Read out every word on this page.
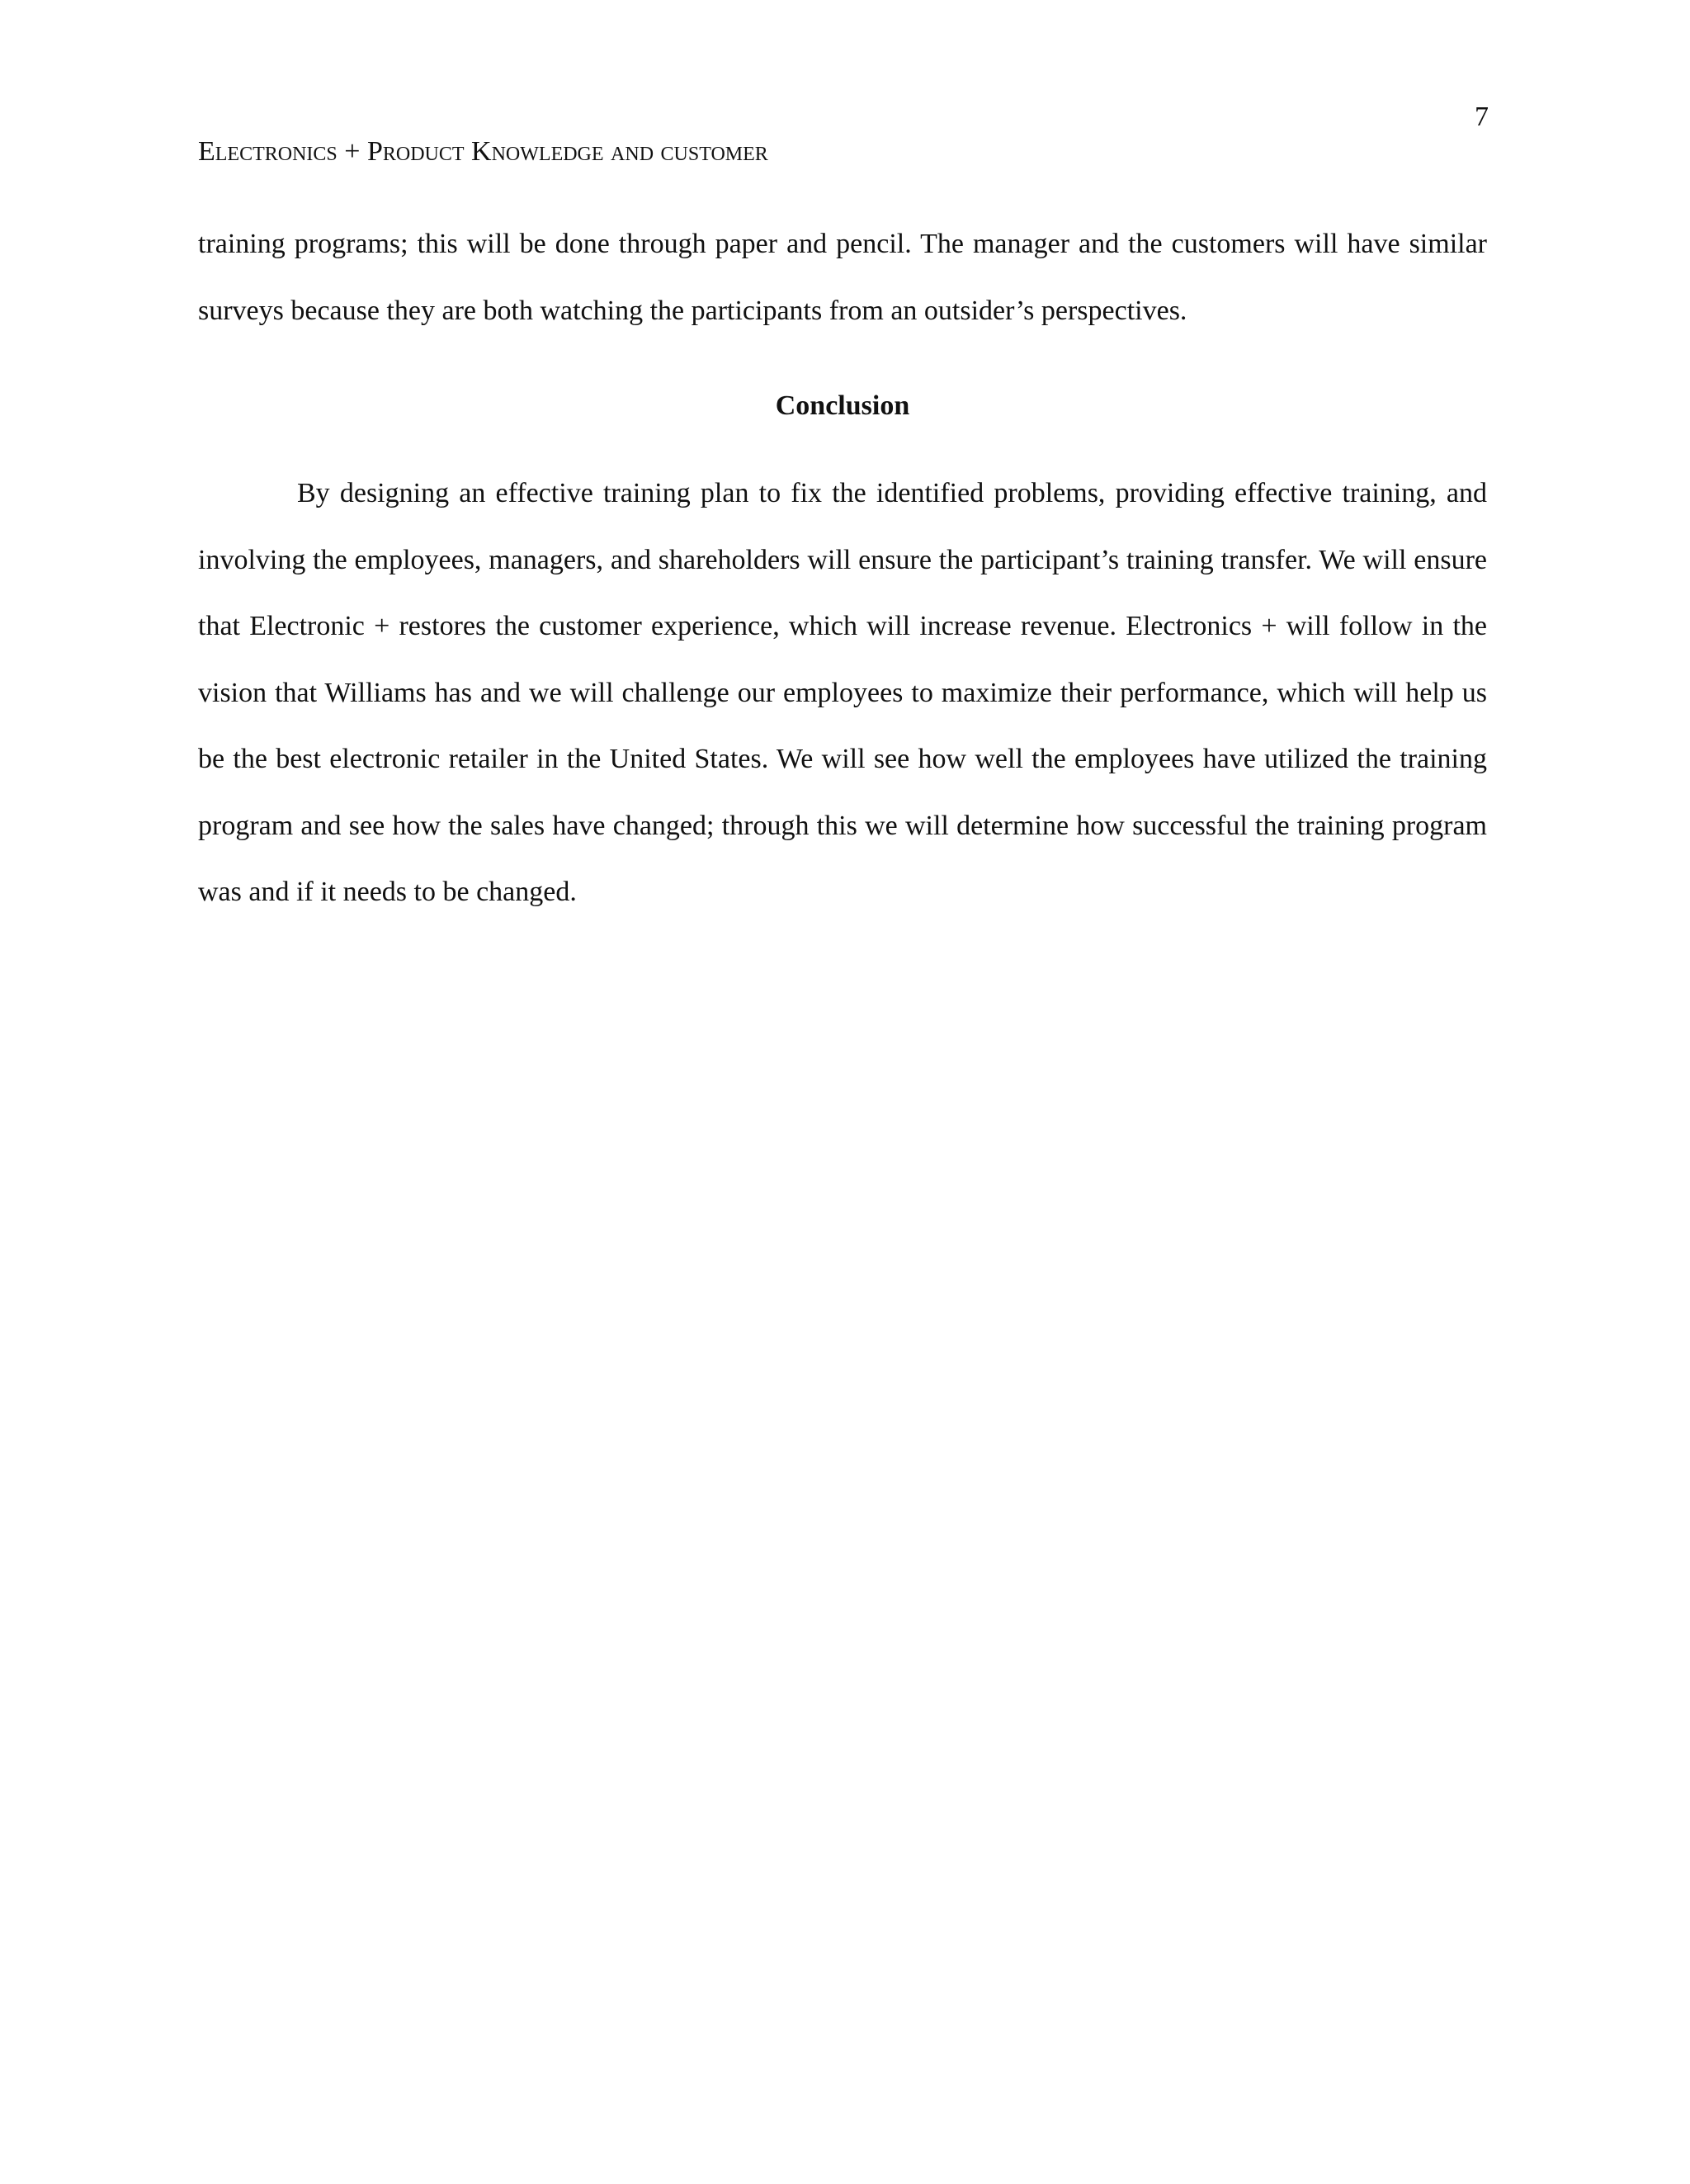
7
Electronics + Product Knowledge and customer

training programs; this will be done through paper and pencil. The manager and the customers will have similar surveys because they are both watching the participants from an outsider’s perspectives.

Conclusion

By designing an effective training plan to fix the identified problems, providing effective training, and involving the employees, managers, and shareholders will ensure the participant’s training transfer. We will ensure that Electronic + restores the customer experience, which will increase revenue. Electronics + will follow in the vision that Williams has and we will challenge our employees to maximize their performance, which will help us be the best electronic retailer in the United States. We will see how well the employees have utilized the training program and see how the sales have changed; through this we will determine how successful the training program was and if it needs to be changed.
